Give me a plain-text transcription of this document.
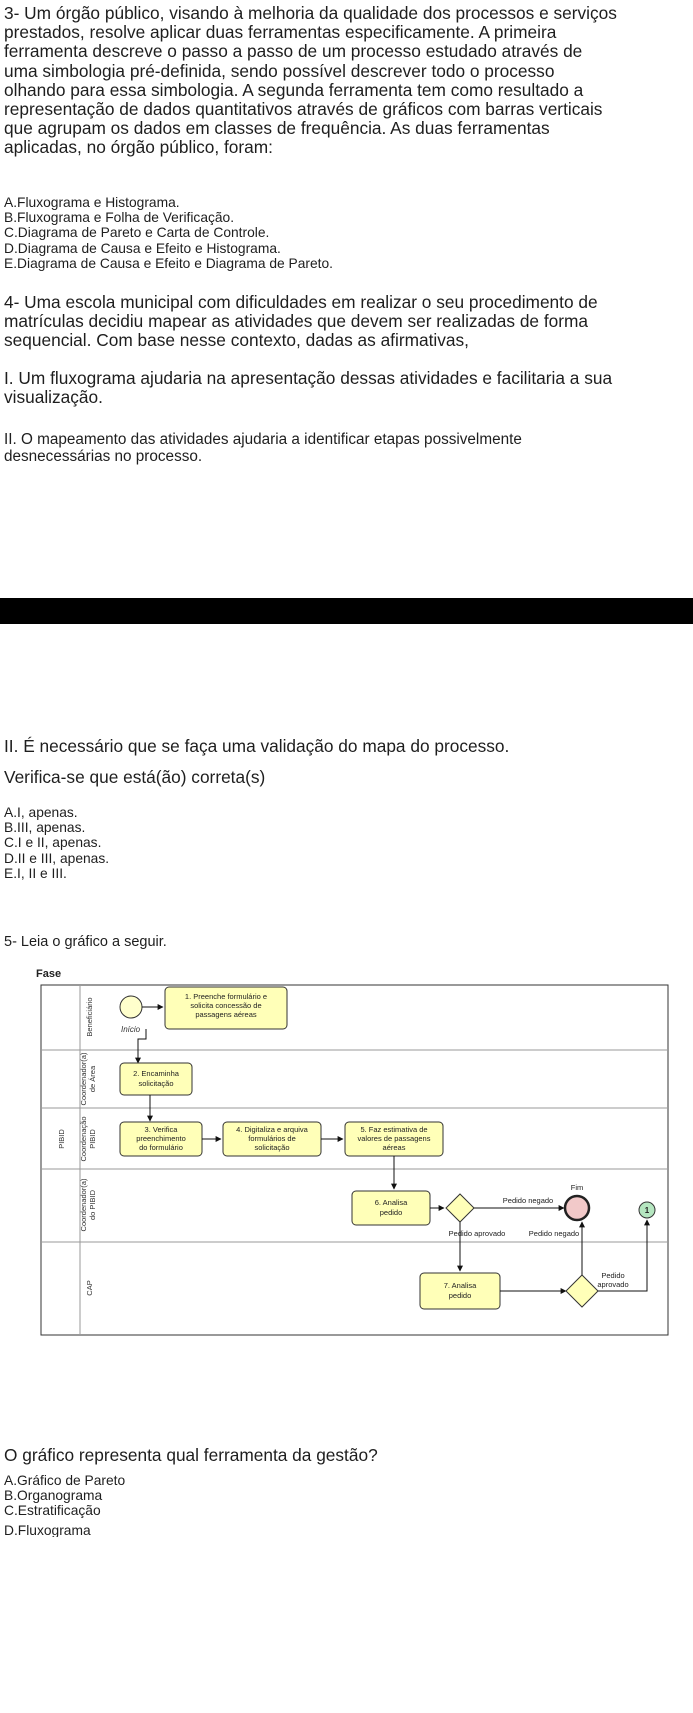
3- Um órgão público, visando à melhoria da qualidade dos processos e serviços

prestados, resolve aplicar duas ferramentas especificamente. A primeira

ferramenta descreve o passo a passo de um processo estudado através de

uma simbologia pré-definida, sendo possível descrever todo o processo

olhando para essa simbologia. A segunda ferramenta tem como resultado a

representação de dados quantitativos através de gráficos com barras verticais

que agrupam os dados em classes de frequência. As duas ferramentas

aplicadas, no órgão público, foram:

A.Fluxograma e Histograma.

B.Fluxograma e Folha de Verificação.

C.Diagrama de Pareto e Carta de Controle.

D.Diagrama de Causa e Efeito e Histograma.

E.Diagrama de Causa e Efeito e Diagrama de Pareto.

4- Uma escola municipal com dificuldades em realizar o seu procedimento de

matrículas decidiu mapear as atividades que devem ser realizadas de forma

sequencial. Com base nesse contexto, dadas as afirmativas,

I. Um fluxograma ajudaria na apresentação dessas atividades e facilitaria a sua

visualização.

II. O mapeamento das atividades ajudaria a identificar etapas possivelmente

desnecessárias no processo.

II. É necessário que se faça uma validação do mapa do processo.

Verifica-se que está(ão) correta(s)

A.I, apenas.

B.III, apenas.

C.I e II, apenas.

D.II e III, apenas.

E.I, II e III.

5- Leia o gráfico a seguir.

Fase
Beneficiário
Coordenador(a) de Área
PIBID Coordenação PIBID
Coordenador(a) do PIBID
CAP
Início
1. Preenche formulário e
solicita concessão de
passagens aéreas
2. Encaminha
solicitação
3. Verifica
preenchimento
do formulário
4. Digitaliza e arquiva
formulários de
solicitação
5. Faz estimativa de
valores de passagens
aéreas
6. Analisa
pedido
Pedido negado
Pedido aprovado
Fim
1
7. Analisa
pedido
Pedido negado
Pedido
aprovado

O gráfico representa qual ferramenta da gestão?

A.Gráfico de Pareto

B.Organograma

C.Estratificação

D.Fluxograma
